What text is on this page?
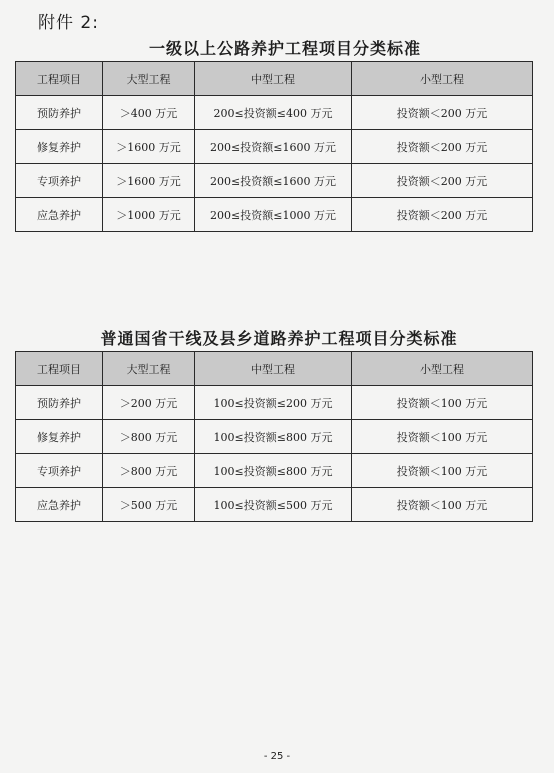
附件 2:
一级以上公路养护工程项目分类标准
工程项目	大型工程	中型工程	小型工程
预防养护	＞400 万元	200≤投资额≤400 万元	投资额＜200 万元
修复养护	＞1600 万元	200≤投资额≤1600 万元	投资额＜200 万元
专项养护	＞1600 万元	200≤投资额≤1600 万元	投资额＜200 万元
应急养护	＞1000 万元	200≤投资额≤1000 万元	投资额＜200 万元
普通国省干线及县乡道路养护工程项目分类标准
工程项目	大型工程	中型工程	小型工程
预防养护	＞200 万元	100≤投资额≤200 万元	投资额＜100 万元
修复养护	＞800 万元	100≤投资额≤800 万元	投资额＜100 万元
专项养护	＞800 万元	100≤投资额≤800 万元	投资额＜100 万元
应急养护	＞500 万元	100≤投资额≤500 万元	投资额＜100 万元
- 25 -
